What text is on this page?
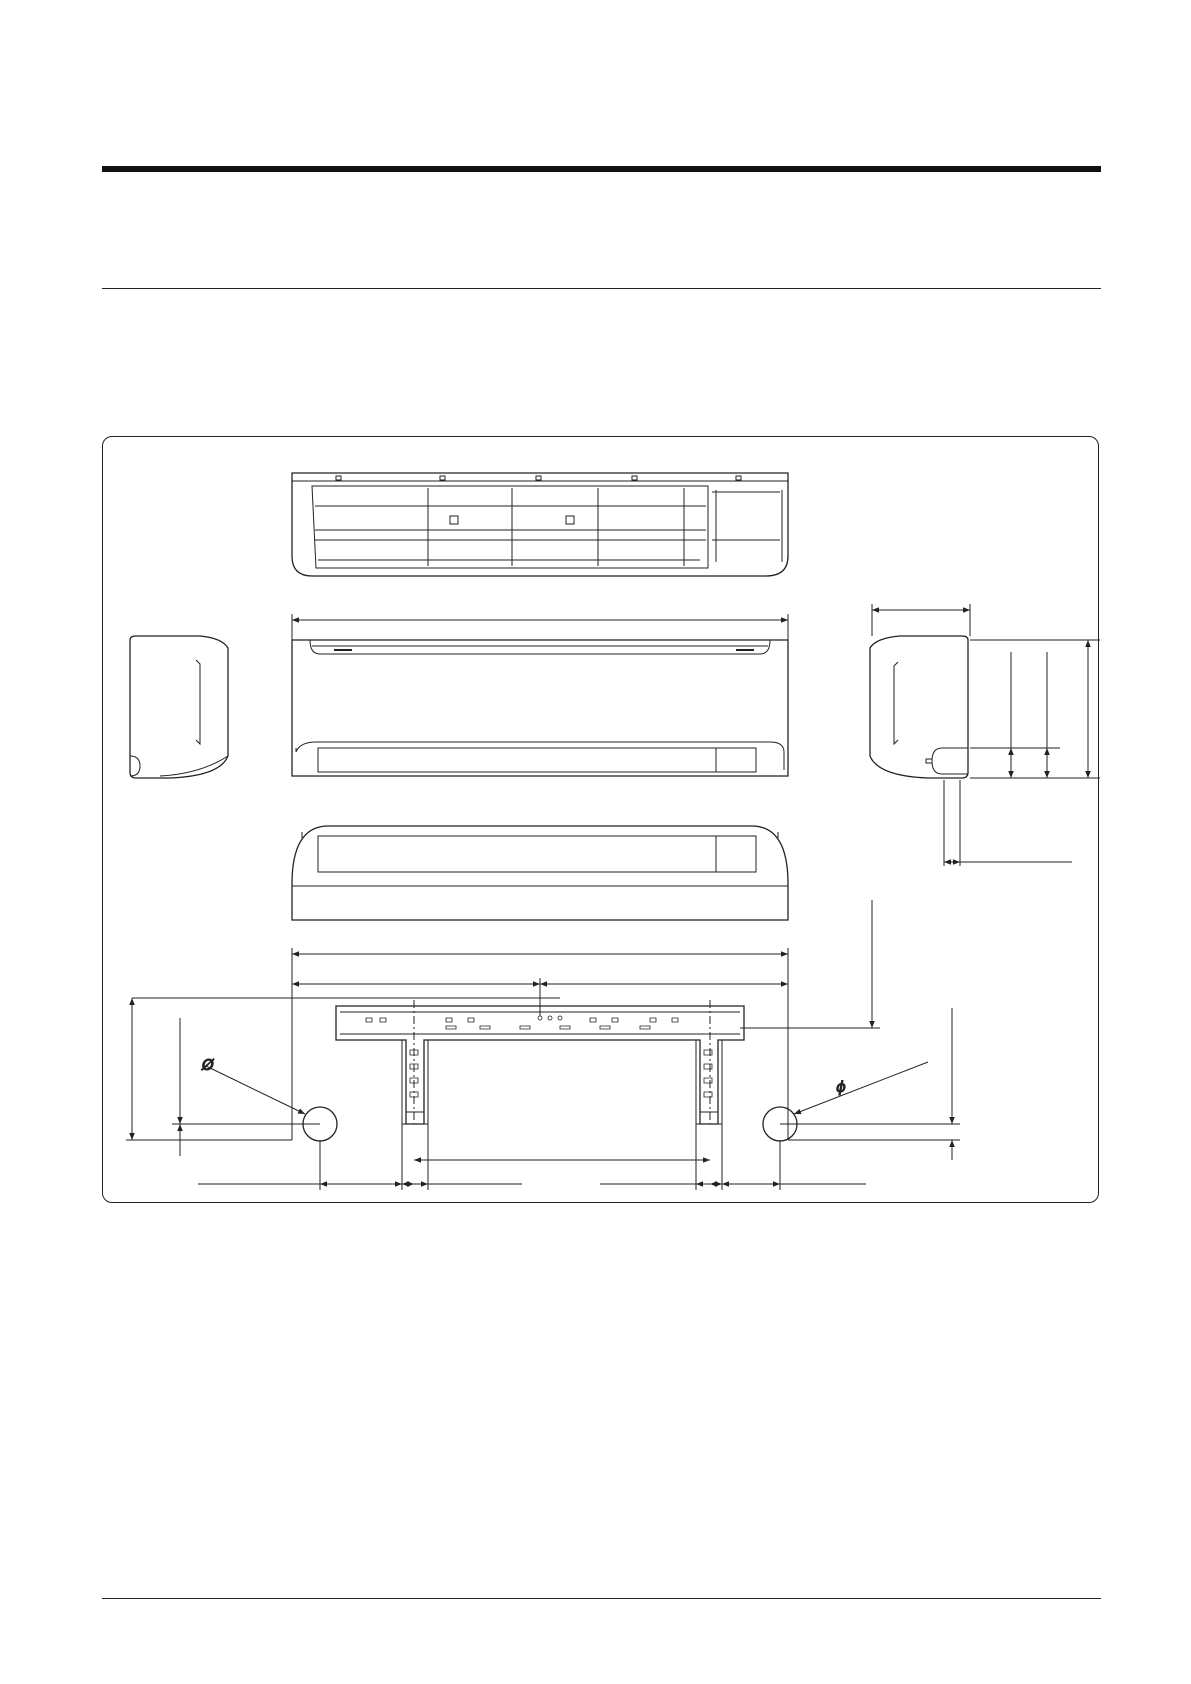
Ø
ϕ
